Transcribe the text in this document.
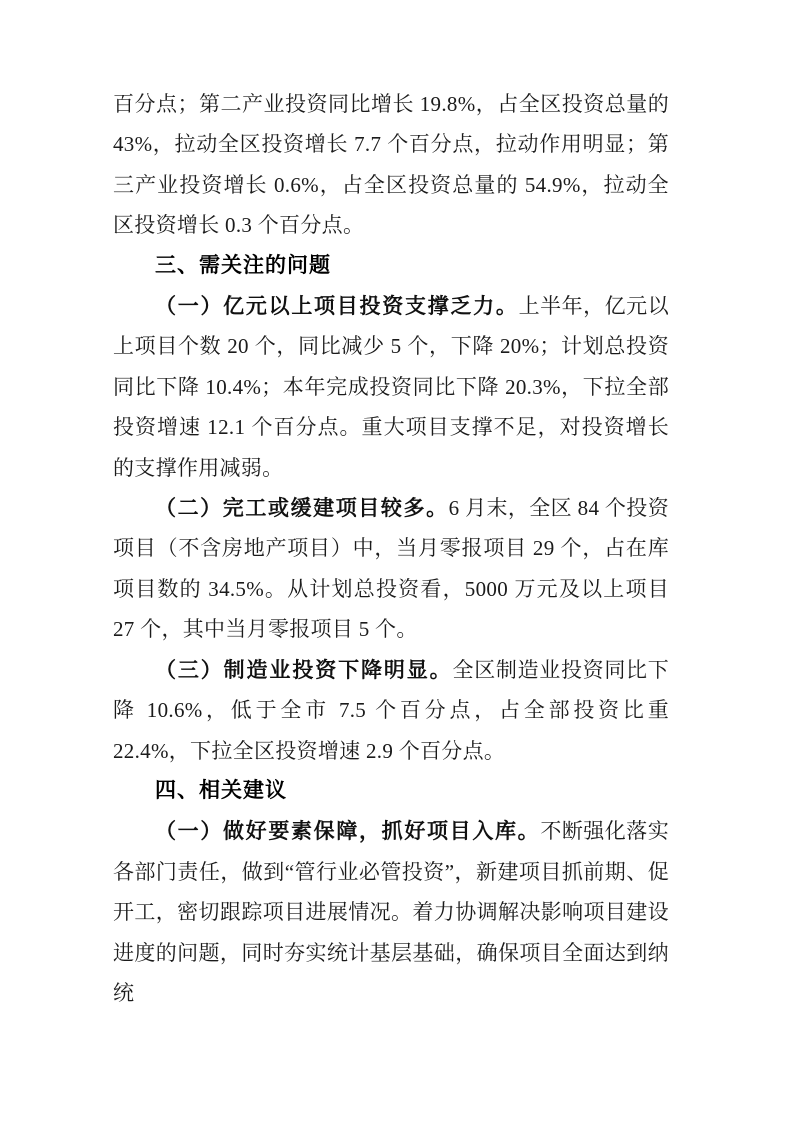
百分点；第二产业投资同比增长 19.8%，占全区投资总量的 43%，拉动全区投资增长 7.7 个百分点，拉动作用明显；第三产业投资增长 0.6%，占全区投资总量的 54.9%，拉动全区投资增长 0.3 个百分点。

三、需关注的问题

（一）亿元以上项目投资支撑乏力。上半年，亿元以上项目个数 20 个，同比减少 5 个，下降 20%；计划总投资同比下降 10.4%；本年完成投资同比下降 20.3%，下拉全部投资增速 12.1 个百分点。重大项目支撑不足，对投资增长的支撑作用减弱。

（二）完工或缓建项目较多。6 月末，全区 84 个投资项目（不含房地产项目）中，当月零报项目 29 个，占在库项目数的 34.5%。从计划总投资看，5000 万元及以上项目 27 个，其中当月零报项目 5 个。

（三）制造业投资下降明显。全区制造业投资同比下降 10.6%，低于全市 7.5 个百分点，占全部投资比重 22.4%，下拉全区投资增速 2.9 个百分点。

四、相关建议

（一）做好要素保障，抓好项目入库。不断强化落实各部门责任，做到“管行业必管投资”，新建项目抓前期、促开工，密切跟踪项目进展情况。着力协调解决影响项目建设进度的问题，同时夯实统计基层基础，确保项目全面达到纳统
